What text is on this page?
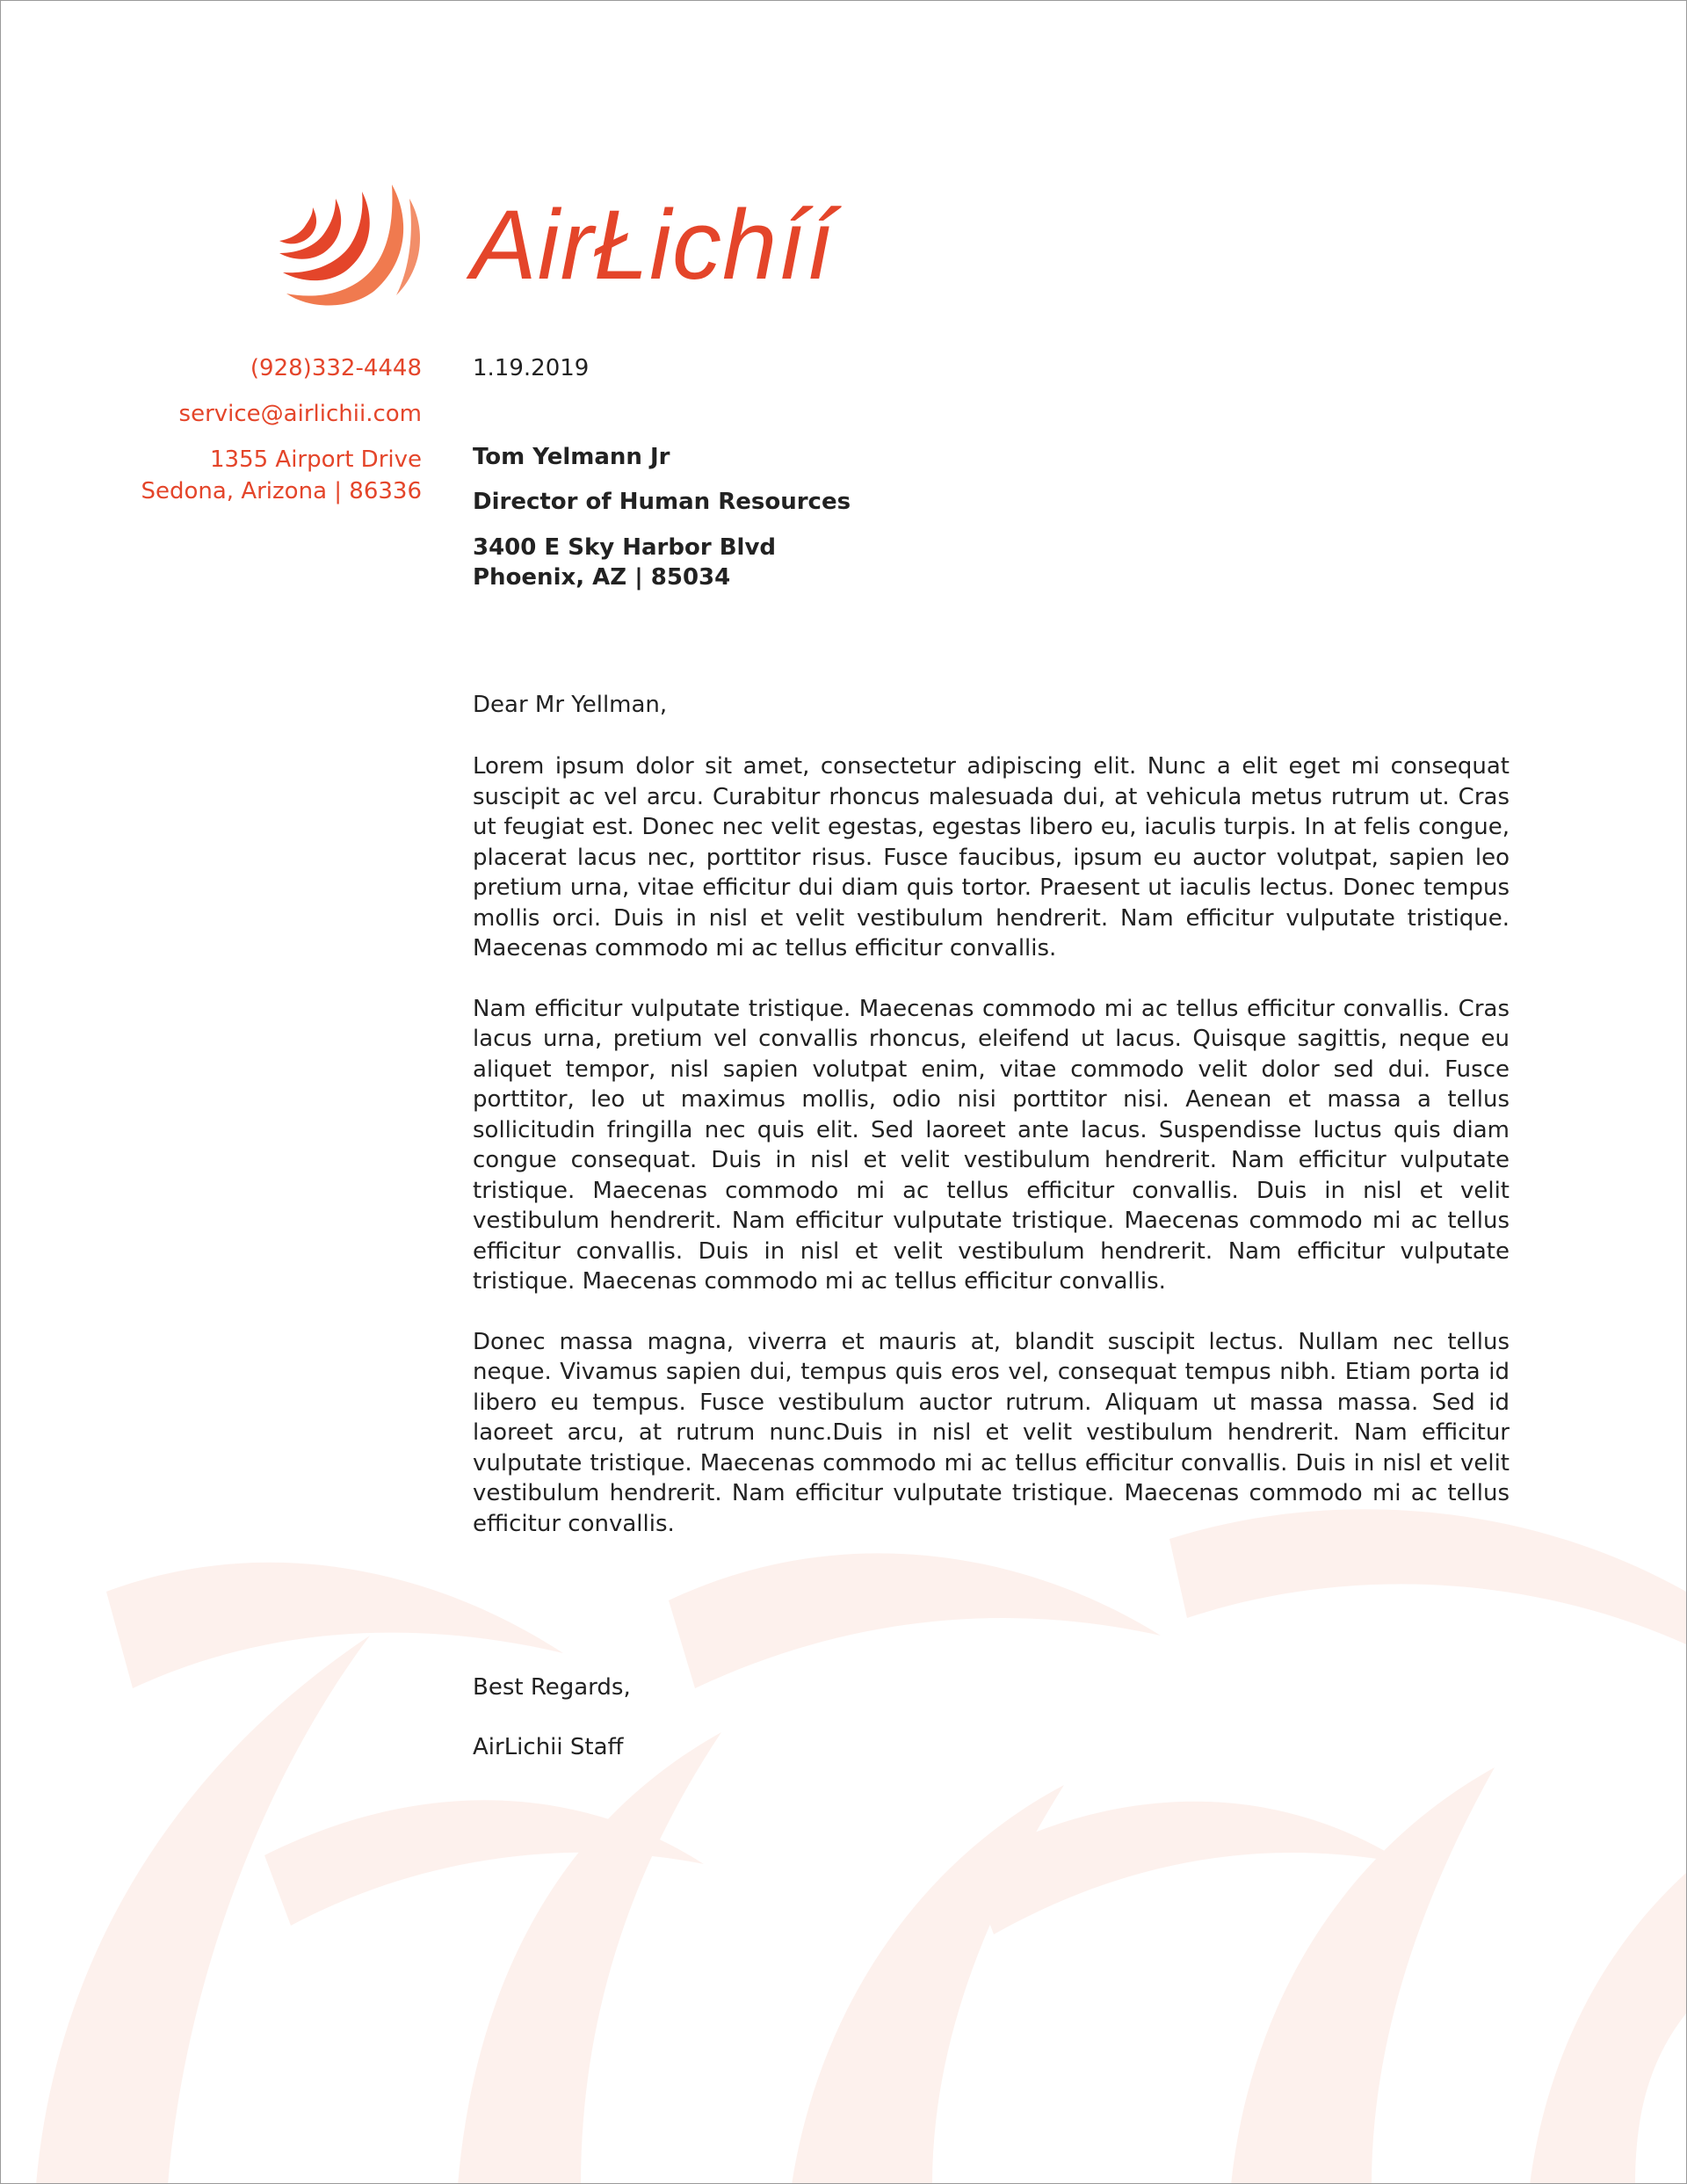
AirŁichíí
(928)332-4448
service@airlichii.com
1355 Airport Drive
Sedona, Arizona | 86336
1.19.2019
Tom Yelmann Jr
Director of Human Resources
3400 E Sky Harbor Blvd
Phoenix, AZ | 85034

Dear Mr Yellman,

Lorem ipsum dolor sit amet, consectetur adipiscing elit. Nunc a elit eget mi consequat suscipit ac vel arcu. Curabitur rhoncus malesuada dui, at vehicula metus rutrum ut. Cras ut feugiat est. Donec nec velit egestas, egestas libero eu, iaculis turpis. In at felis congue, placerat lacus nec, porttitor risus. Fusce faucibus, ipsum eu auctor volutpat, sapien leo pretium urna, vitae efficitur dui diam quis tortor. Praesent ut iaculis lectus. Donec tempus mollis orci. Duis in nisl et velit vestibulum hendrerit. Nam efficitur vulputate tristique. Maecenas commodo mi ac tellus efficitur convallis.

Nam efficitur vulputate tristique. Maecenas commodo mi ac tellus efficitur convallis. Cras lacus urna, pretium vel convallis rhoncus, eleifend ut lacus. Quisque sagittis, neque eu aliquet tempor, nisl sapien volutpat enim, vitae commodo velit dolor sed dui. Fusce porttitor, leo ut maximus mollis, odio nisi porttitor nisi. Aenean et massa a tellus sollicitudin fringilla nec quis elit. Sed laoreet ante lacus. Suspendisse luctus quis diam congue consequat. Duis in nisl et velit vestibulum hendrerit. Nam efficitur vulputate tristique. Maecenas commodo mi ac tellus efficitur convallis. Duis in nisl et velit vestibulum hendrerit. Nam efficitur vulputate tristique. Maecenas commodo mi ac tellus efficitur convallis. Duis in nisl et velit vestibulum hendrerit. Nam efficitur vulputate tristique. Maecenas commodo mi ac tellus efficitur convallis.

Donec massa magna, viverra et mauris at, blandit suscipit lectus. Nullam nec tellus neque. Vivamus sapien dui, tempus quis eros vel, consequat tempus nibh. Etiam porta id libero eu tempus. Fusce vestibulum auctor rutrum. Aliquam ut massa massa. Sed id laoreet arcu, at rutrum nunc.Duis in nisl et velit vestibulum hendrerit. Nam efficitur vulputate tristique. Maecenas commodo mi ac tellus efficitur convallis. Duis in nisl et velit vestibulum hendrerit. Nam efficitur vulputate tristique. Maecenas commodo mi ac tellus efficitur convallis.

Best Regards,
AirLichii Staff
